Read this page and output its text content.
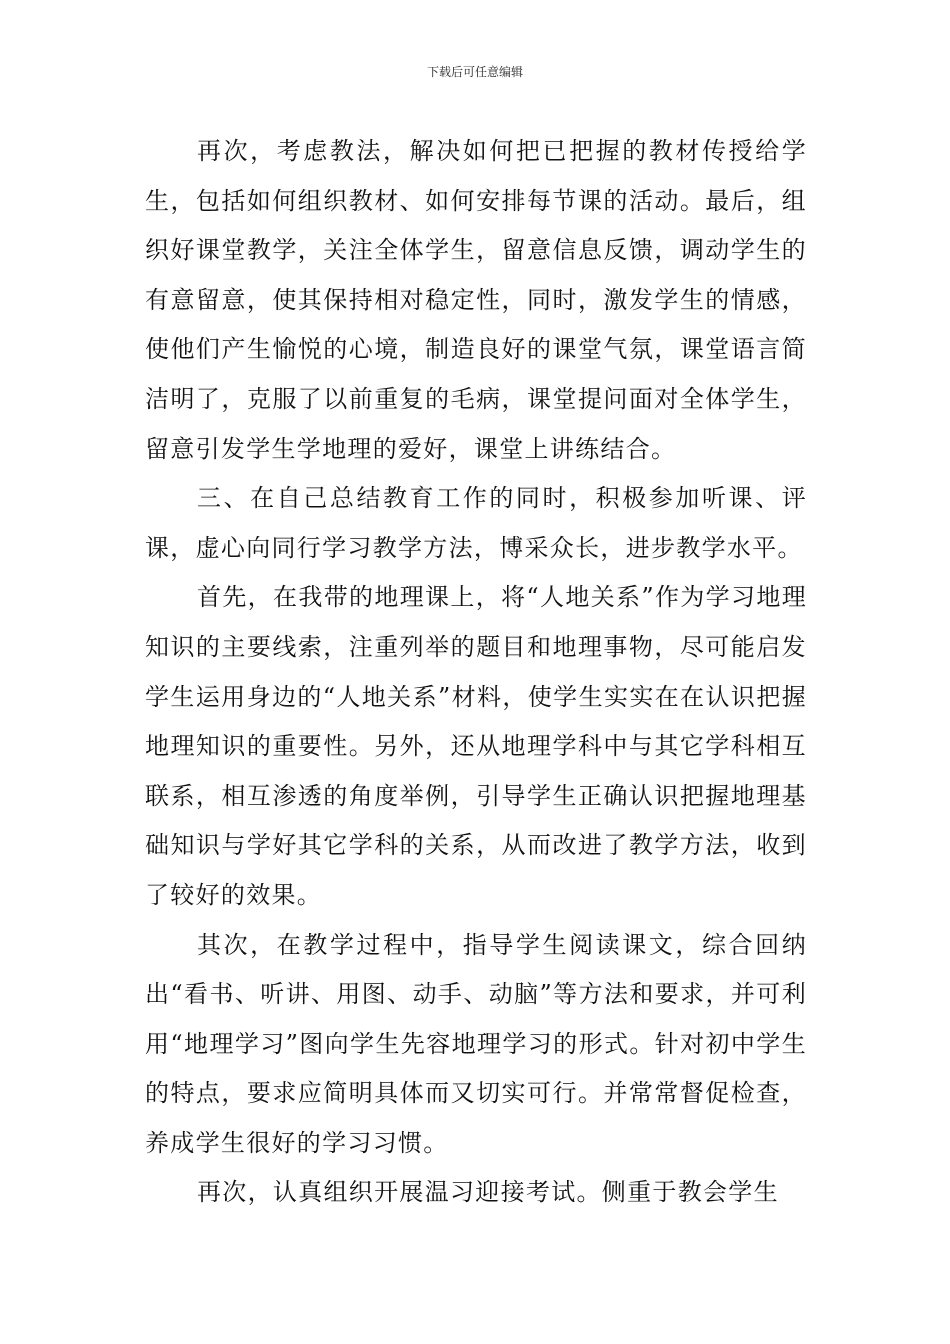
下载后可任意编辑

再次，考虑教法，解决如何把已把握的教材传授给学生，包括如何组织教材、如何安排每节课的活动。最后，组织好课堂教学，关注全体学生，留意信息反馈，调动学生的有意留意，使其保持相对稳定性，同时，激发学生的情感，使他们产生愉悦的心境，制造良好的课堂气氛，课堂语言简洁明了，克服了以前重复的毛病，课堂提问面对全体学生，留意引发学生学地理的爱好，课堂上讲练结合。

三、在自己总结教育工作的同时，积极参加听课、评课，虚心向同行学习教学方法，博采众长，进步教学水平。

首先，在我带的地理课上，将“人地关系”作为学习地理知识的主要线索，注重列举的题目和地理事物，尽可能启发学生运用身边的“人地关系”材料，使学生实实在在认识把握地理知识的重要性。另外，还从地理学科中与其它学科相互联系，相互渗透的角度举例，引导学生正确认识把握地理基础知识与学好其它学科的关系，从而改进了教学方法，收到了较好的效果。

其次，在教学过程中，指导学生阅读课文，综合回纳出“看书、听讲、用图、动手、动脑”等方法和要求，并可利用“地理学习”图向学生先容地理学习的形式。针对初中学生的特点，要求应简明具体而又切实可行。并常常督促检查，养成学生很好的学习习惯。

再次，认真组织开展温习迎接考试。侧重于教会学生
